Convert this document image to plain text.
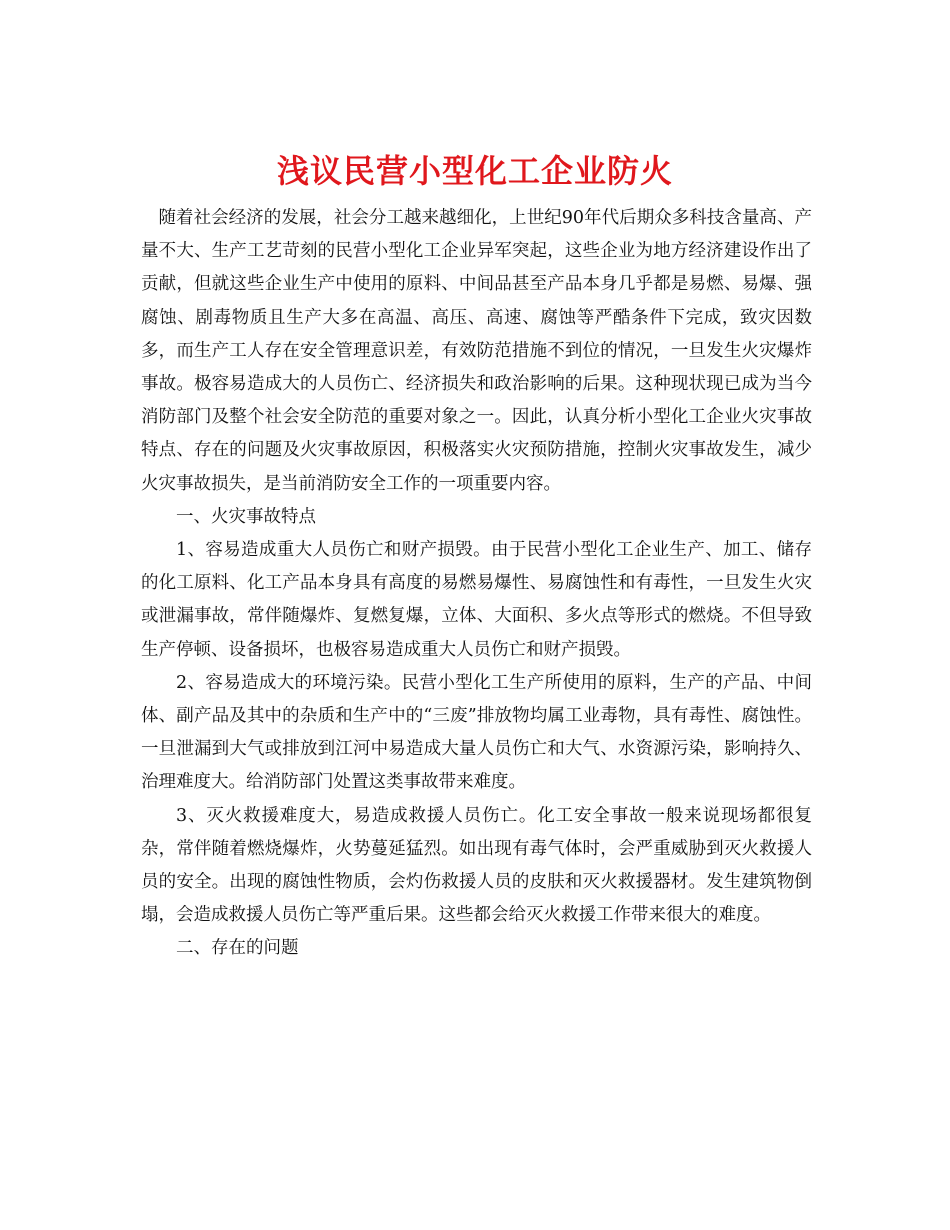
浅议民营小型化工企业防火

随着社会经济的发展，社会分工越来越细化，上世纪90年代后期众多科技含量高、产量不大、生产工艺苛刻的民营小型化工企业异军突起，这些企业为地方经济建设作出了贡献，但就这些企业生产中使用的原料、中间品甚至产品本身几乎都是易燃、易爆、强腐蚀、剧毒物质且生产大多在高温、高压、高速、腐蚀等严酷条件下完成，致灾因数多，而生产工人存在安全管理意识差，有效防范措施不到位的情况，一旦发生火灾爆炸事故。极容易造成大的人员伤亡、经济损失和政治影响的后果。这种现状现已成为当今消防部门及整个社会安全防范的重要对象之一。因此，认真分析小型化工企业火灾事故特点、存在的问题及火灾事故原因，积极落实火灾预防措施，控制火灾事故发生，减少火灾事故损失，是当前消防安全工作的一项重要内容。

一、火灾事故特点

1、容易造成重大人员伤亡和财产损毁。由于民营小型化工企业生产、加工、储存的化工原料、化工产品本身具有高度的易燃易爆性、易腐蚀性和有毒性，一旦发生火灾或泄漏事故，常伴随爆炸、复燃复爆，立体、大面积、多火点等形式的燃烧。不但导致生产停顿、设备损坏，也极容易造成重大人员伤亡和财产损毁。

2、容易造成大的环境污染。民营小型化工生产所使用的原料，生产的产品、中间体、副产品及其中的杂质和生产中的“三废”排放物均属工业毒物，具有毒性、腐蚀性。一旦泄漏到大气或排放到江河中易造成大量人员伤亡和大气、水资源污染，影响持久、治理难度大。给消防部门处置这类事故带来难度。

3、灭火救援难度大，易造成救援人员伤亡。化工安全事故一般来说现场都很复杂，常伴随着燃烧爆炸，火势蔓延猛烈。如出现有毒气体时，会严重威胁到灭火救援人员的安全。出现的腐蚀性物质，会灼伤救援人员的皮肤和灭火救援器材。发生建筑物倒塌，会造成救援人员伤亡等严重后果。这些都会给灭火救援工作带来很大的难度。

二、存在的问题
